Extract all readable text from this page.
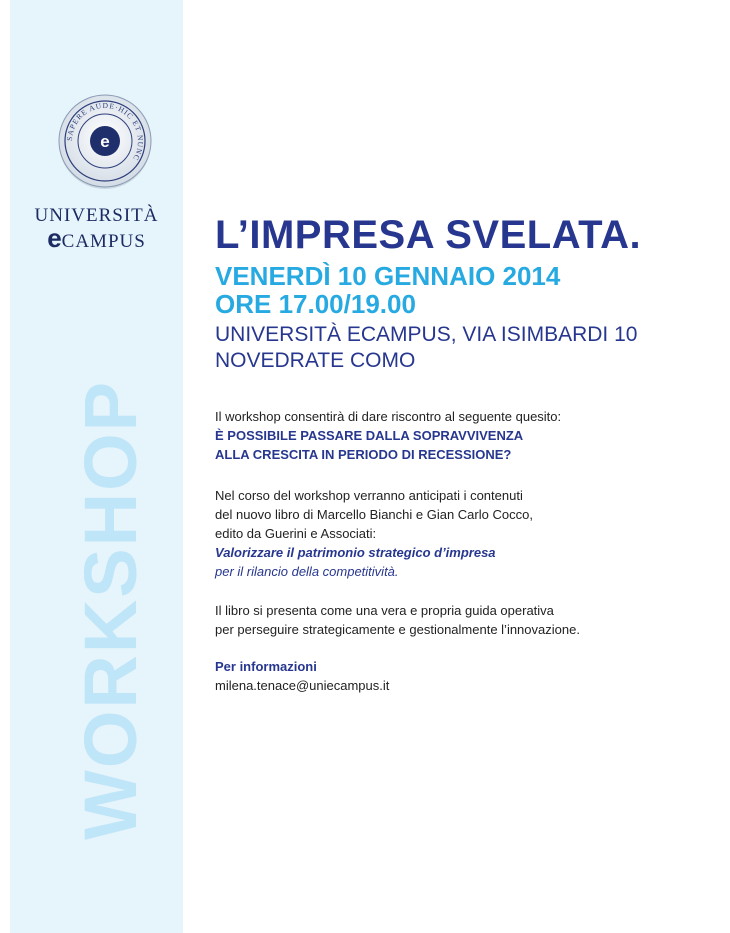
SAPERE AUDE·HIC ET NUNC
e
UNIVERSITÀ
eCAMPUS
WORKSHOP
L’IMPRESA SVELATA.
VENERDÌ 10 GENNAIO 2014
ORE 17.00/19.00
UNIVERSITÀ ECAMPUS, VIA ISIMBARDI 10
NOVEDRATE COMO
Il workshop consentirà di dare riscontro al seguente quesito:
È POSSIBILE PASSARE DALLA SOPRAVVIVENZA
ALLA CRESCITA IN PERIODO DI RECESSIONE?
Nel corso del workshop verranno anticipati i contenuti
del nuovo libro di Marcello Bianchi e Gian Carlo Cocco,
edito da Guerini e Associati:
Valorizzare il patrimonio strategico d’impresa
per il rilancio della competitività.
Il libro si presenta come una vera e propria guida operativa
per perseguire strategicamente e gestionalmente l’innovazione.
Per informazioni
milena.tenace@uniecampus.it
